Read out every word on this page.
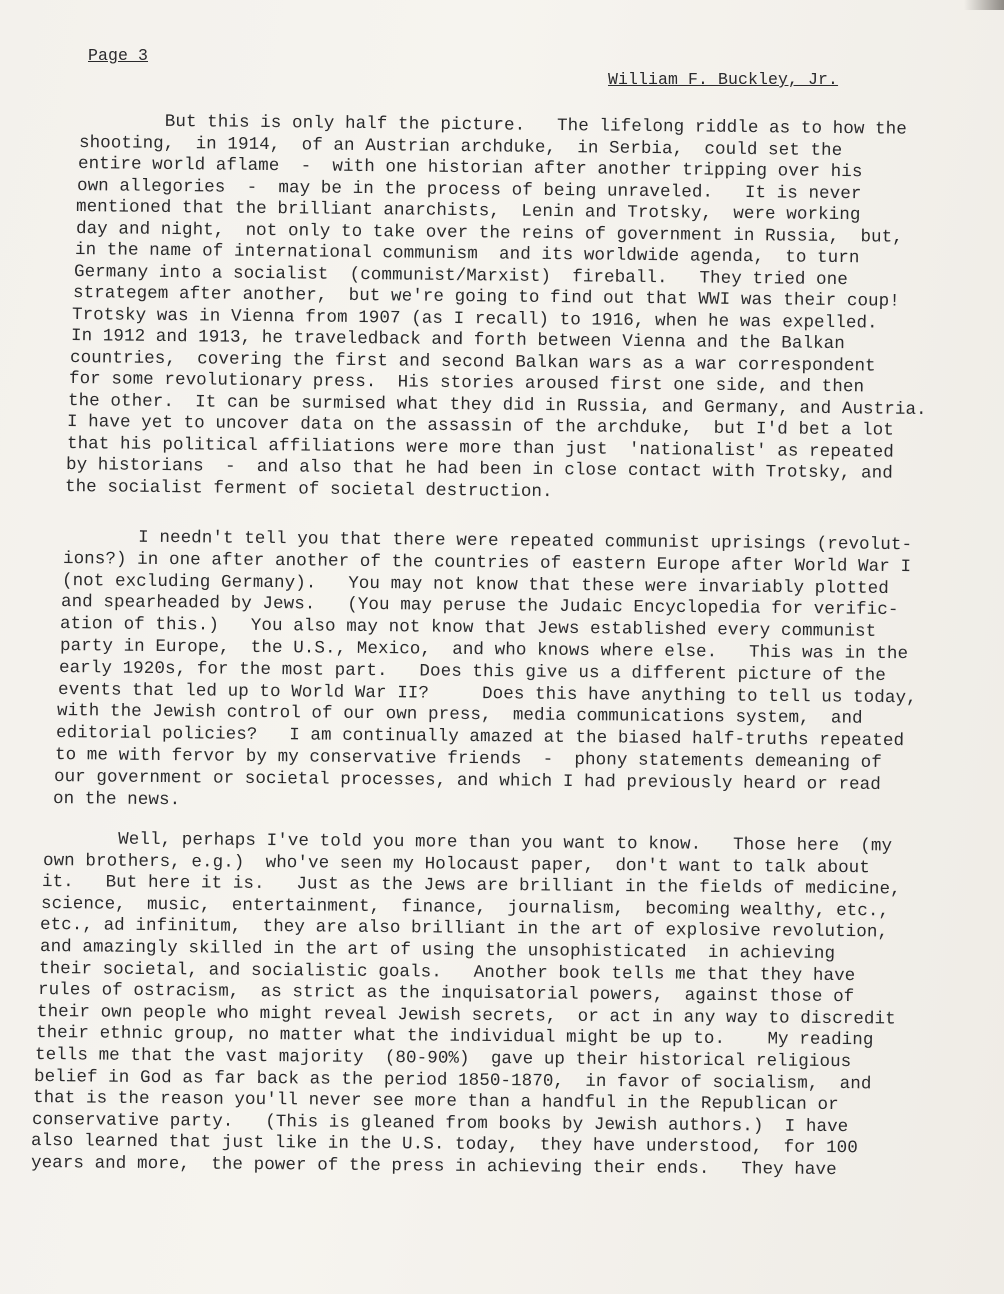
Page 3
William F. Buckley, Jr.
But this is only half the picture.   The lifelong riddle as to how the
shooting,  in 1914,  of an Austrian archduke,  in Serbia,  could set the
entire world aflame  -  with one historian after another tripping over his
own allegories  -  may be in the process of being unraveled.   It is never
mentioned that the brilliant anarchists,  Lenin and Trotsky,  were working
day and night,  not only to take over the reins of government in Russia,  but,
in the name of international communism  and its worldwide agenda,  to turn
Germany into a socialist  (communist/Marxist)  fireball.   They tried one
strategem after another,  but we're going to find out that WWI was their coup!
Trotsky was in Vienna from 1907 (as I recall) to 1916, when he was expelled.
In 1912 and 1913, he traveledback and forth between Vienna and the Balkan
countries,  covering the first and second Balkan wars as a war correspondent
for some revolutionary press.  His stories aroused first one side, and then
the other.  It can be surmised what they did in Russia, and Germany, and Austria.
I have yet to uncover data on the assassin of the archduke,  but I'd bet a lot
that his political affiliations were more than just  'nationalist' as repeated
by historians  -  and also that he had been in close contact with Trotsky, and
the socialist ferment of societal destruction.
I needn't tell you that there were repeated communist uprisings (revolut-
ions?) in one after another of the countries of eastern Europe after World War I
(not excluding Germany).   You may not know that these were invariably plotted
and spearheaded by Jews.   (You may peruse the Judaic Encyclopedia for verific-
ation of this.)   You also may not know that Jews established every communist
party in Europe,  the U.S., Mexico,  and who knows where else.   This was in the
early 1920s, for the most part.   Does this give us a different picture of the
events that led up to World War II?     Does this have anything to tell us today,
with the Jewish control of our own press,  media communications system,  and
editorial policies?   I am continually amazed at the biased half-truths repeated
to me with fervor by my conservative friends  -  phony statements demeaning of
our government or societal processes, and which I had previously heard or read
on the news.
Well, perhaps I've told you more than you want to know.   Those here  (my
own brothers, e.g.)  who've seen my Holocaust paper,  don't want to talk about
it.   But here it is.   Just as the Jews are brilliant in the fields of medicine,
science,  music,  entertainment,  finance,  journalism,  becoming wealthy, etc.,
etc., ad infinitum,  they are also brilliant in the art of explosive revolution,
and amazingly skilled in the art of using the unsophisticated  in achieving
their societal, and socialistic goals.   Another book tells me that they have
rules of ostracism,  as strict as the inquisatorial powers,  against those of
their own people who might reveal Jewish secrets,  or act in any way to discredit
their ethnic group, no matter what the individual might be up to.    My reading
tells me that the vast majority  (80-90%)  gave up their historical religious
belief in God as far back as the period 1850-1870,  in favor of socialism,  and
that is the reason you'll never see more than a handful in the Republican or
conservative party.   (This is gleaned from books by Jewish authors.)  I have
also learned that just like in the U.S. today,  they have understood,  for 100
years and more,  the power of the press in achieving their ends.   They have
